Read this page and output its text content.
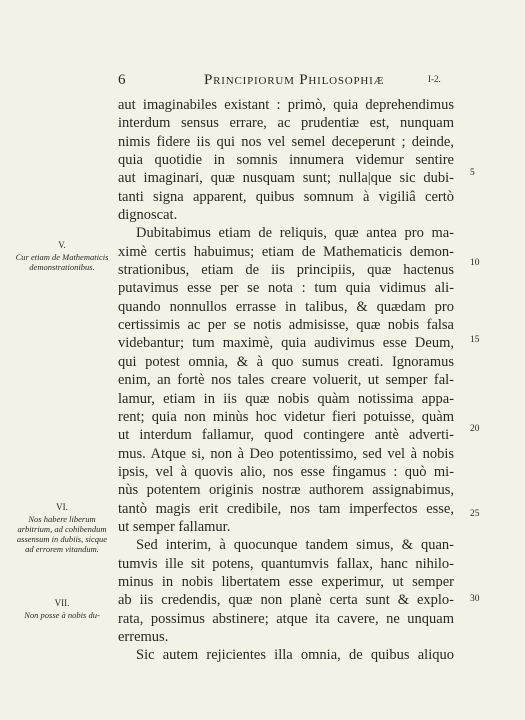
6	Principiorum Philosophiæ	I-2.
V.
Cur etiam de Mathematicis demonstrationibus.
VI.
Nos habere liberum arbitrium, ad cohibendum assensum in dubiis, sicque ad errorem vitandum.
VII.
Non posse à nobis du-
5
10
15
20
25
30
aut imaginabiles existant : primò, quia deprehendimus
interdum sensus errare, ac prudentiæ est, nunquam
nimis fidere iis qui nos vel semel deceperunt ; deinde,
quia quotidie in somnis innumera videmur sentire
aut imaginari, quæ nusquam sunt; nulla|que sic dubi-
tanti signa apparent, quibus somnum à vigiliâ certò
dignoscat.
Dubitabimus etiam de reliquis, quæ antea pro ma-
ximè certis habuimus; etiam de Mathematicis demon-
strationibus, etiam de iis principiis, quæ hactenus
putavimus esse per se nota : tum quia vidimus ali-
quando nonnullos errasse in talibus, & quædam pro
certissimis ac per se notis admisisse, quæ nobis falsa
videbantur; tum maximè, quia audivimus esse Deum,
qui potest omnia, & à quo sumus creati. Ignoramus
enim, an fortè nos tales creare voluerit, ut semper fal-
lamur, etiam in iis quæ nobis quàm notissima appa-
rent; quia non minùs hoc videtur fieri potuisse, quàm
ut interdum fallamur, quod contingere antè adverti-
mus. Atque si, non à Deo potentissimo, sed vel à nobis
ipsis, vel à quovis alio, nos esse fingamus : quò mi-
nùs potentem originis nostræ authorem assignabimus,
tantò magis erit credibile, nos tam imperfectos esse,
ut semper fallamur.
Sed interim, à quocunque tandem simus, & quan-
tumvis ille sit potens, quantumvis fallax, hanc nihilo-
minus in nobis libertatem esse experimur, ut semper
ab iis credendis, quæ non planè certa sunt & explo-
rata, possimus abstinere; atque ita cavere, ne unquam
erremus.
Sic autem rejicientes illa omnia, de quibus aliquo
